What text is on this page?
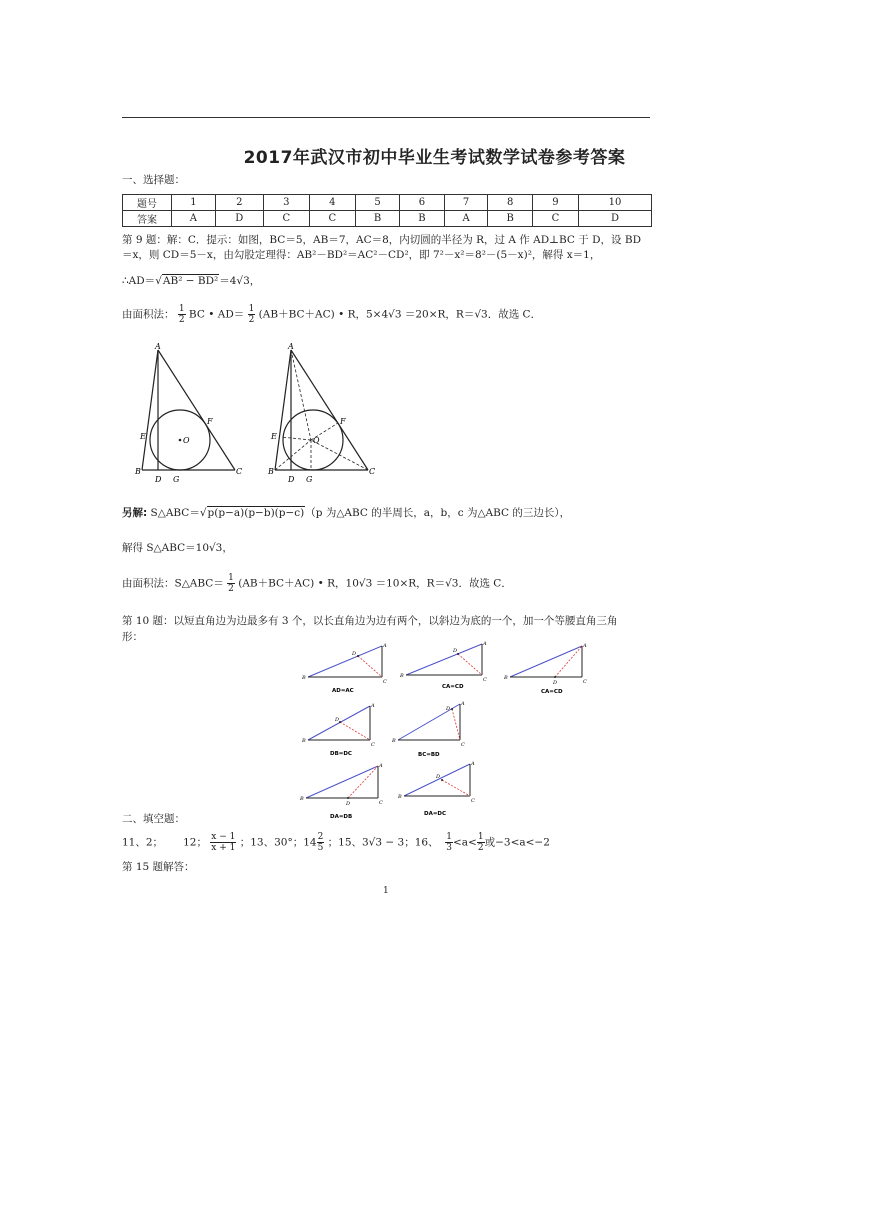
2017年武汉市初中毕业生考试数学试卷参考答案
一、选择题：
题号	1	2	3	4	5	6	7	8	9	10
答案	A	D	C	C	B	B	A	B	C	D
第 9 题：解：C．提示：如图，BC＝5，AB＝7，AC＝8，内切圆的半径为 R，过 A 作 AD⊥BC 于 D，设 BD
＝x，则 CD＝5－x，由勾股定理得：AB²－BD²＝AC²－CD²，即 7²－x²＝8²－(5－x)²，解得 x＝1，
∴AD＝√AB² − BD²＝4√3，
由面积法： $\frac{1}{2}$ BC • $AD= \frac{1}{2} (AB+BC+AC)$ • R，5×4√3 ＝20×R，R＝√3．故选 C．
A
B	C
D G
E
F
O
A
B	C
D G
E
F
O
另解: S△ABC＝√p(p−a)(p−b)(p−c)（p 为△ABC 的半周长，a，b，c 为△ABC 的三边长），
解得 S△ABC＝10√3，
由面积法：S△ABC＝ $\frac{1}{2} (AB+BC+AC)$ • R，10√3 ＝10×R，R＝√3．故选 C．
第 10 题：以短直角边为边最多有 3 个，以长直角边为边有两个，以斜边为底的一个，加一个等腰直角三角
形：
B
A
C
D
AD=AC
B
A
C
D
CA=CD
B
A
C
D
CA=CD
B
A
C
D
DB=DC
B
A
C
D
BC=BD
B
A
C
D
DA=DB
B
A
C
D
DA=DC
二、填空题：
11、2； 12； $\frac{x - 1}{x + 1}$ ；13、30°；$14 \frac{2}{5}$ ；15、3√3 − 3；16、 $\frac{1}{3} <a< \frac{1}{2}$ 或−3<a<−2
第 15 题解答：
1
